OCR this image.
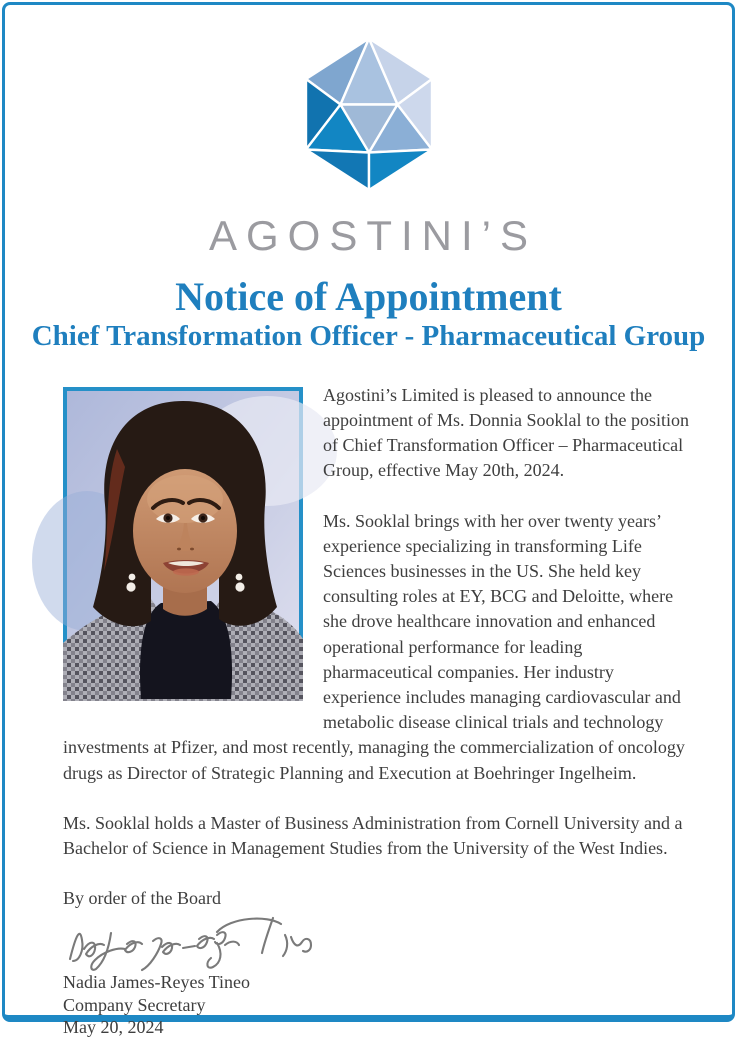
AGOSTINI’S
Notice of Appointment
Chief Transformation Officer - Pharmaceutical Group

Agostini’s Limited is pleased to announce the appointment of Ms. Donnia Sooklal to the position of Chief Transformation Officer – Pharmaceutical Group, effective May 20th, 2024.

Ms. Sooklal brings with her over twenty years’ experience specializing in transforming Life Sciences businesses in the US. She held key consulting roles at EY, BCG and Deloitte, where she drove healthcare innovation and enhanced operational performance for leading pharmaceutical companies. Her industry experience includes managing cardiovascular and metabolic disease clinical trials and technology investments at Pfizer, and most recently, managing the commercialization of oncology drugs as Director of Strategic Planning and Execution at Boehringer Ingelheim.

Ms. Sooklal holds a Master of Business Administration from Cornell University and a Bachelor of Science in Management Studies from the University of the West Indies.

By order of the Board

Nadia James-Reyes Tineo
Company Secretary
May 20, 2024
